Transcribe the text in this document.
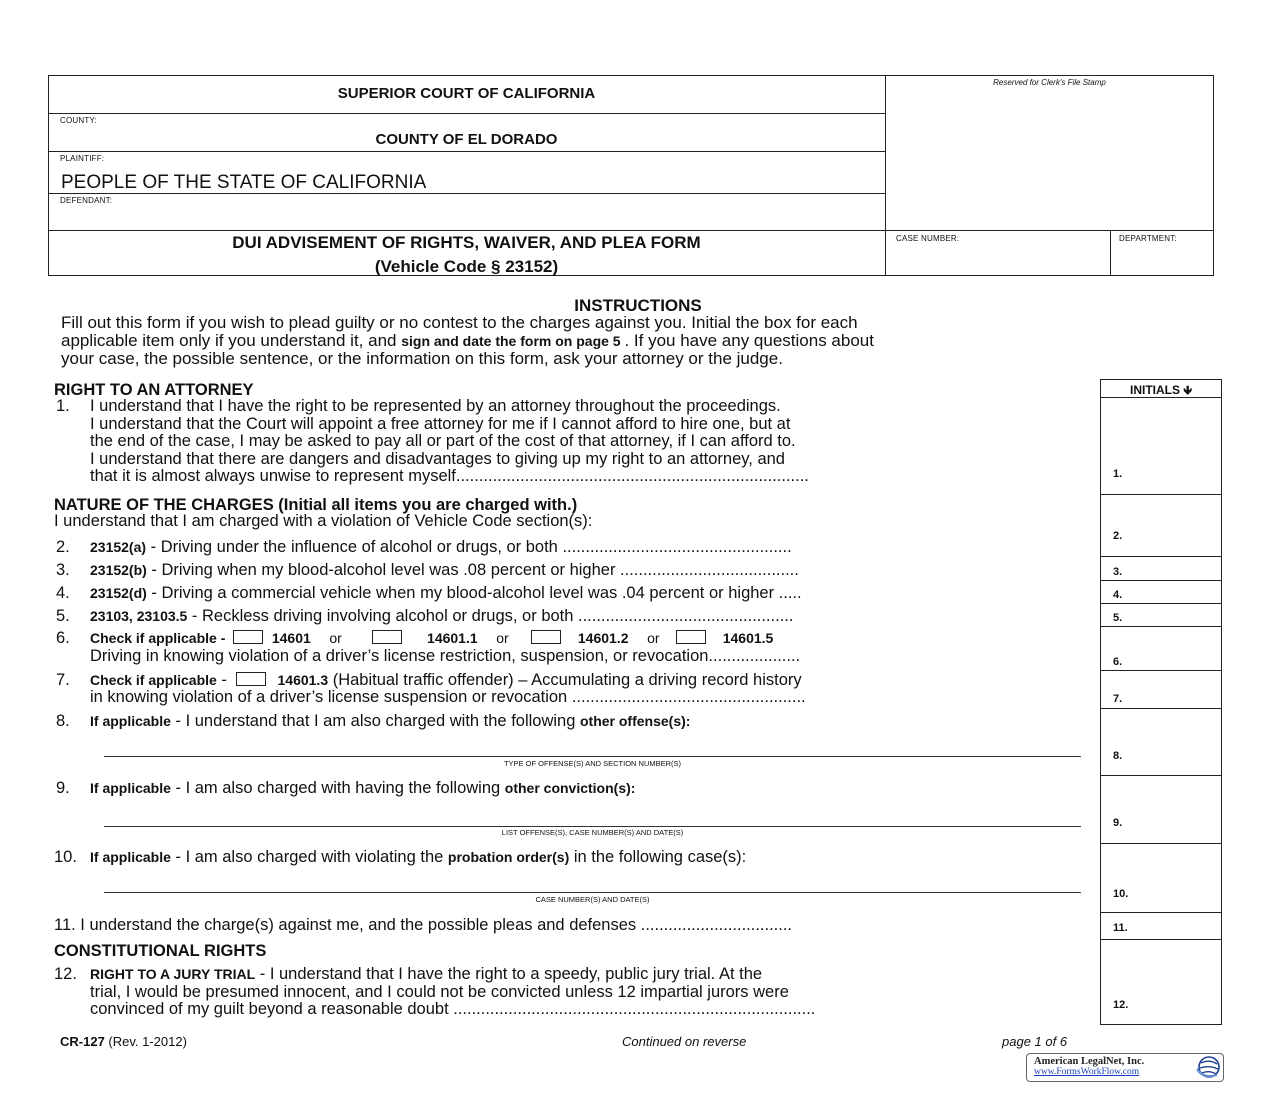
SUPERIOR COURT OF CALIFORNIA
COUNTY:
COUNTY OF EL DORADO
PLAINTIFF:
PEOPLE OF THE STATE OF CALIFORNIA
DEFENDANT:
Reserved for Clerk's File Stamp
DUI ADVISEMENT OF RIGHTS, WAIVER, AND PLEA FORM
(Vehicle Code § 23152)
CASE NUMBER:	DEPARTMENT:
INSTRUCTIONS
Fill out this form if you wish to plead guilty or no contest to the charges against you. Initial the box for each
applicable item only if you understand it, and sign and date the form on page 5 . If you have any questions about
your case, the possible sentence, or the information on this form, ask your attorney or the judge.
INITIALS 🡻
1.
2.
3.
4.
5.
6.
7.
8.
9.
10.
11.
12.
RIGHT TO AN ATTORNEY
1. I understand that I have the right to be represented by an attorney throughout the proceedings.
I understand that the Court will appoint a free attorney for me if I cannot afford to hire one, but at
the end of the case, I may be asked to pay all or part of the cost of that attorney, if I can afford to.
I understand that there are dangers and disadvantages to giving up my right to an attorney, and
that it is almost always unwise to represent myself.............................................................................
NATURE OF THE CHARGES (Initial all items you are charged with.)
I understand that I am charged with a violation of Vehicle Code section(s):
2. 23152(a) - Driving under the influence of alcohol or drugs, or both ..................................................
3. 23152(b) - Driving when my blood-alcohol level was .08 percent or higher .......................................
4. 23152(d) - Driving a commercial vehicle when my blood-alcohol level was .04 percent or higher .....
5. 23103, 23103.5 - Reckless driving involving alcohol or drugs, or both ...............................................
6. Check if applicable -	14601 or	14601.1 or	14601.2 or	14601.5
Driving in knowing violation of a driver’s license restriction, suspension, or revocation....................
7. Check if applicable -	14601.3 (Habitual traffic offender) – Accumulating a driving record history
in knowing violation of a driver’s license suspension or revocation ...................................................
8. If applicable - I understand that I am also charged with the following other offense(s):
TYPE OF OFFENSE(S) AND SECTION NUMBER(S)
9. If applicable - I am also charged with having the following other conviction(s):
LIST OFFENSE(S), CASE NUMBER(S) AND DATE(S)
10. If applicable - I am also charged with violating the probation order(s) in the following case(s):
CASE NUMBER(S) AND DATE(S)
11. I understand the charge(s) against me, and the possible pleas and defenses .................................
CONSTITUTIONAL RIGHTS
12. RIGHT TO A JURY TRIAL - I understand that I have the right to a speedy, public jury trial. At the
trial, I would be presumed innocent, and I could not be convicted unless 12 impartial jurors were
convinced of my guilt beyond a reasonable doubt ...............................................................................
CR-127 (Rev. 1-2012)	Continued on reverse	page 1 of 6
American LegalNet, Inc.
www.FormsWorkFlow.com
